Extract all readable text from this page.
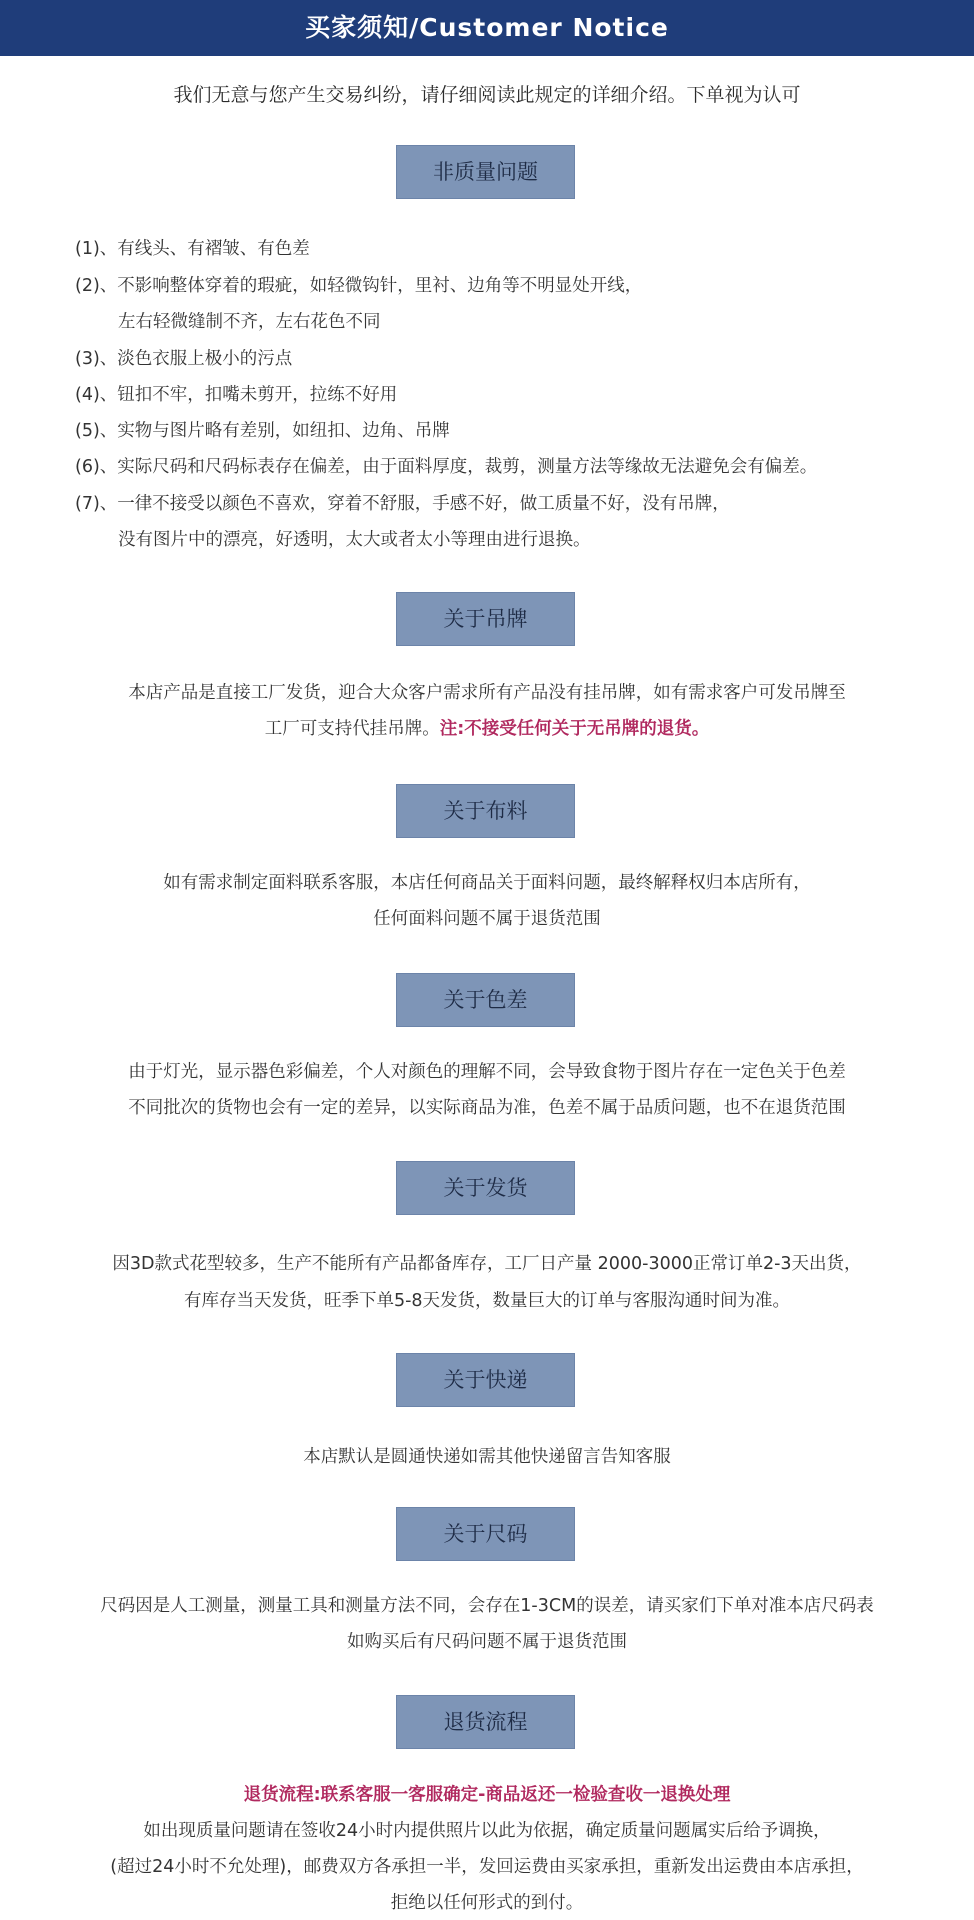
买家须知/Customer Notice
我们无意与您产生交易纠纷，请仔细阅读此规定的详细介绍。下单视为认可
非质量问题
(1)、有线头、有褶皱、有色差
(2)、不影响整体穿着的瑕疵，如轻微钩针，里衬、边角等不明显处开线，
左右轻微缝制不齐，左右花色不同
(3)、淡色衣服上极小的污点
(4)、钮扣不牢，扣嘴未剪开，拉练不好用
(5)、实物与图片略有差别，如纽扣、边角、吊牌
(6)、实际尺码和尺码标表存在偏差，由于面料厚度，裁剪，测量方法等缘故无法避免会有偏差。
(7)、一律不接受以颜色不喜欢，穿着不舒服，手感不好，做工质量不好，没有吊牌，
没有图片中的漂亮，好透明，太大或者太小等理由进行退换。
关于吊牌
本店产品是直接工厂发货，迎合大众客户需求所有产品没有挂吊牌，如有需求客户可发吊牌至
工厂可支持代挂吊牌。注:不接受任何关于无吊牌的退货。
关于布料
如有需求制定面料联系客服，本店任何商品关于面料问题，最终解释权归本店所有，
任何面料问题不属于退货范围
关于色差
由于灯光，显示器色彩偏差，个人对颜色的理解不同，会导致食物于图片存在一定色关于色差
不同批次的货物也会有一定的差异，以实际商品为准，色差不属于品质问题，也不在退货范围
关于发货
因3D款式花型较多，生产不能所有产品都备库存，工厂日产量 2000-3000正常订单2-3天出货，
有库存当天发货，旺季下单5-8天发货，数量巨大的订单与客服沟通时间为准。
关于快递
本店默认是圆通快递如需其他快递留言告知客服
关于尺码
尺码因是人工测量，测量工具和测量方法不同，会存在1-3CM的误差，请买家们下单对准本店尺码表
如购买后有尺码问题不属于退货范围
退货流程
退货流程:联系客服一客服确定-商品返还一检验查收一退换处理
如出现质量问题请在签收24小时内提供照片以此为依据，确定质量问题属实后给予调换，
(超过24小时不允处理)，邮费双方各承担一半，发回运费由买家承担，重新发出运费由本店承担，
拒绝以任何形式的到付。
